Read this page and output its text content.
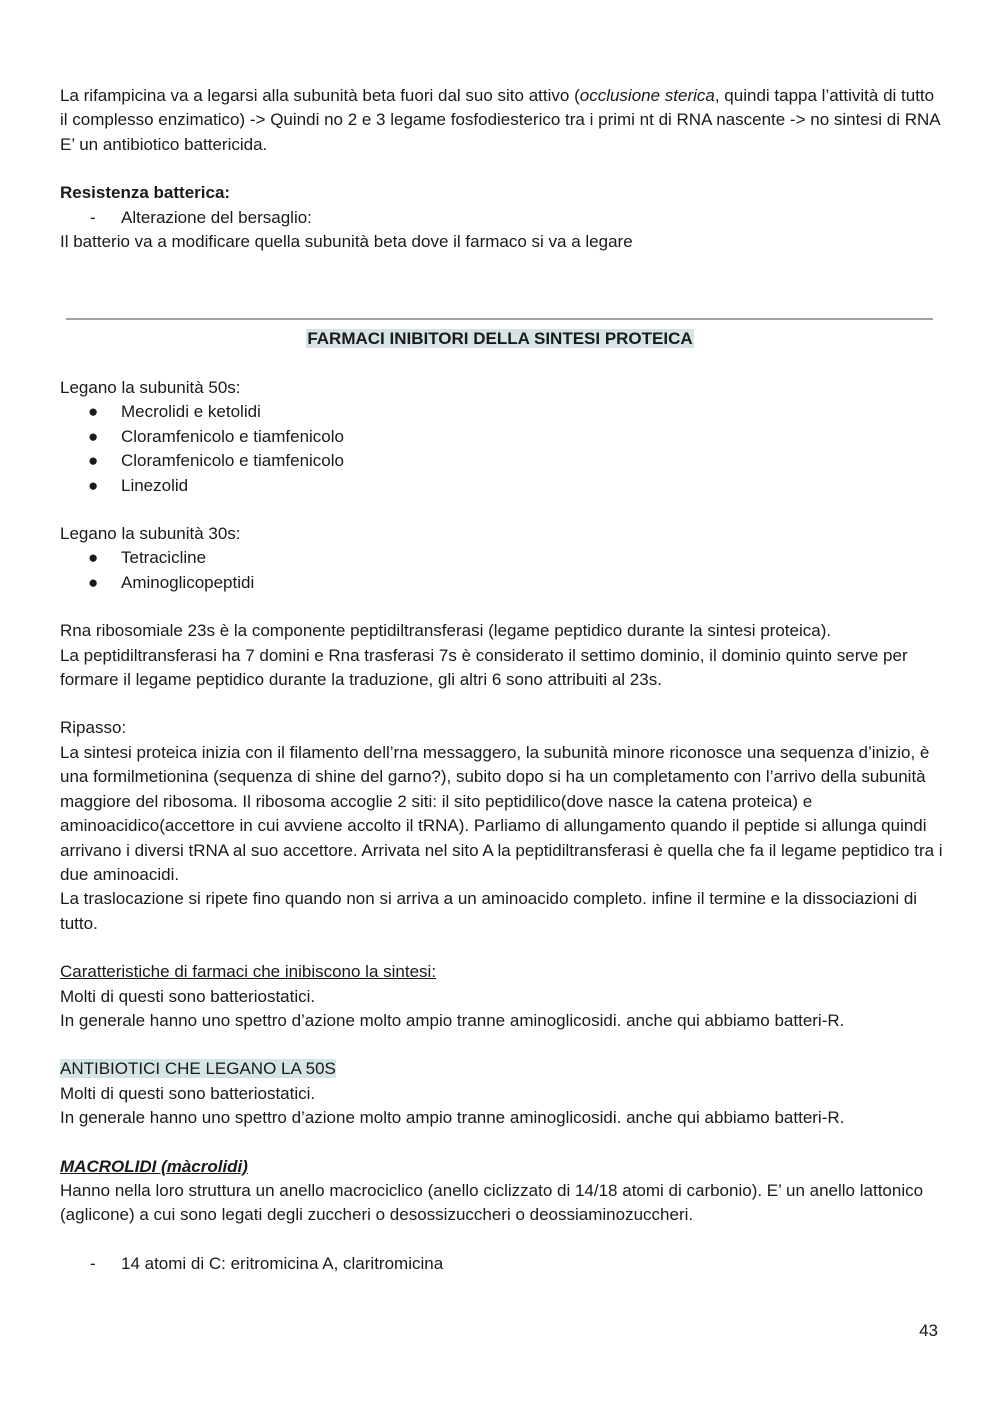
La rifampicina va a legarsi alla subunità beta fuori dal suo sito attivo (occlusione sterica, quindi tappa l’attività di tutto il complesso enzimatico) -> Quindi no 2 e 3 legame fosfodiesterico tra i primi nt di RNA nascente -> no sintesi di RNA

E’ un antibiotico battericida.

Resistenza batterica:

- Alterazione del bersaglio:

Il batterio va a modificare quella subunità beta dove il farmaco si va a legare

FARMACI INIBITORI DELLA SINTESI PROTEICA

Legano la subunità 50s:

● Mecrolidi e ketolidi

● Cloramfenicolo e tiamfenicolo

● Cloramfenicolo e tiamfenicolo

● Linezolid

Legano la subunità 30s:

● Tetracicline

● Aminoglicopeptidi

Rna ribosomiale 23s è la componente peptidiltransferasi (legame peptidico durante la sintesi proteica).

La peptidiltransferasi ha 7 domini e Rna trasferasi 7s è considerato il settimo dominio, il dominio quinto serve per formare il legame peptidico durante la traduzione, gli altri 6 sono attribuiti al 23s.

Ripasso:

La sintesi proteica inizia con il filamento dell’rna messaggero, la subunità minore riconosce una sequenza d’inizio, è una formilmetionina (sequenza di shine del garno?), subito dopo si ha un completamento con l’arrivo della subunità maggiore del ribosoma. Il ribosoma accoglie 2 siti: il sito peptidilico(dove nasce la catena proteica) e aminoacidico(accettore in cui avviene accolto il tRNA). Parliamo di allungamento quando il peptide si allunga quindi arrivano i diversi tRNA al suo accettore. Arrivata nel sito A la peptidiltransferasi è quella che fa il legame peptidico tra i due aminoacidi.

La traslocazione si ripete fino quando non si arriva a un aminoacido completo. infine il termine e la dissociazioni di tutto.

Caratteristiche di farmaci che inibiscono la sintesi:

Molti di questi sono batteriostatici.

In generale hanno uno spettro d’azione molto ampio tranne aminoglicosidi. anche qui abbiamo batteri-R.

ANTIBIOTICI CHE LEGANO LA 50S

Molti di questi sono batteriostatici.

In generale hanno uno spettro d’azione molto ampio tranne aminoglicosidi. anche qui abbiamo batteri-R.

MACROLIDI (màcrolidi)

Hanno nella loro struttura un anello macrociclico (anello ciclizzato di 14/18 atomi di carbonio). E’ un anello lattonico (aglicone) a cui sono legati degli zuccheri o desossizuccheri o deossiaminozuccheri.

- 14 atomi di C: eritromicina A, claritromicina

43
